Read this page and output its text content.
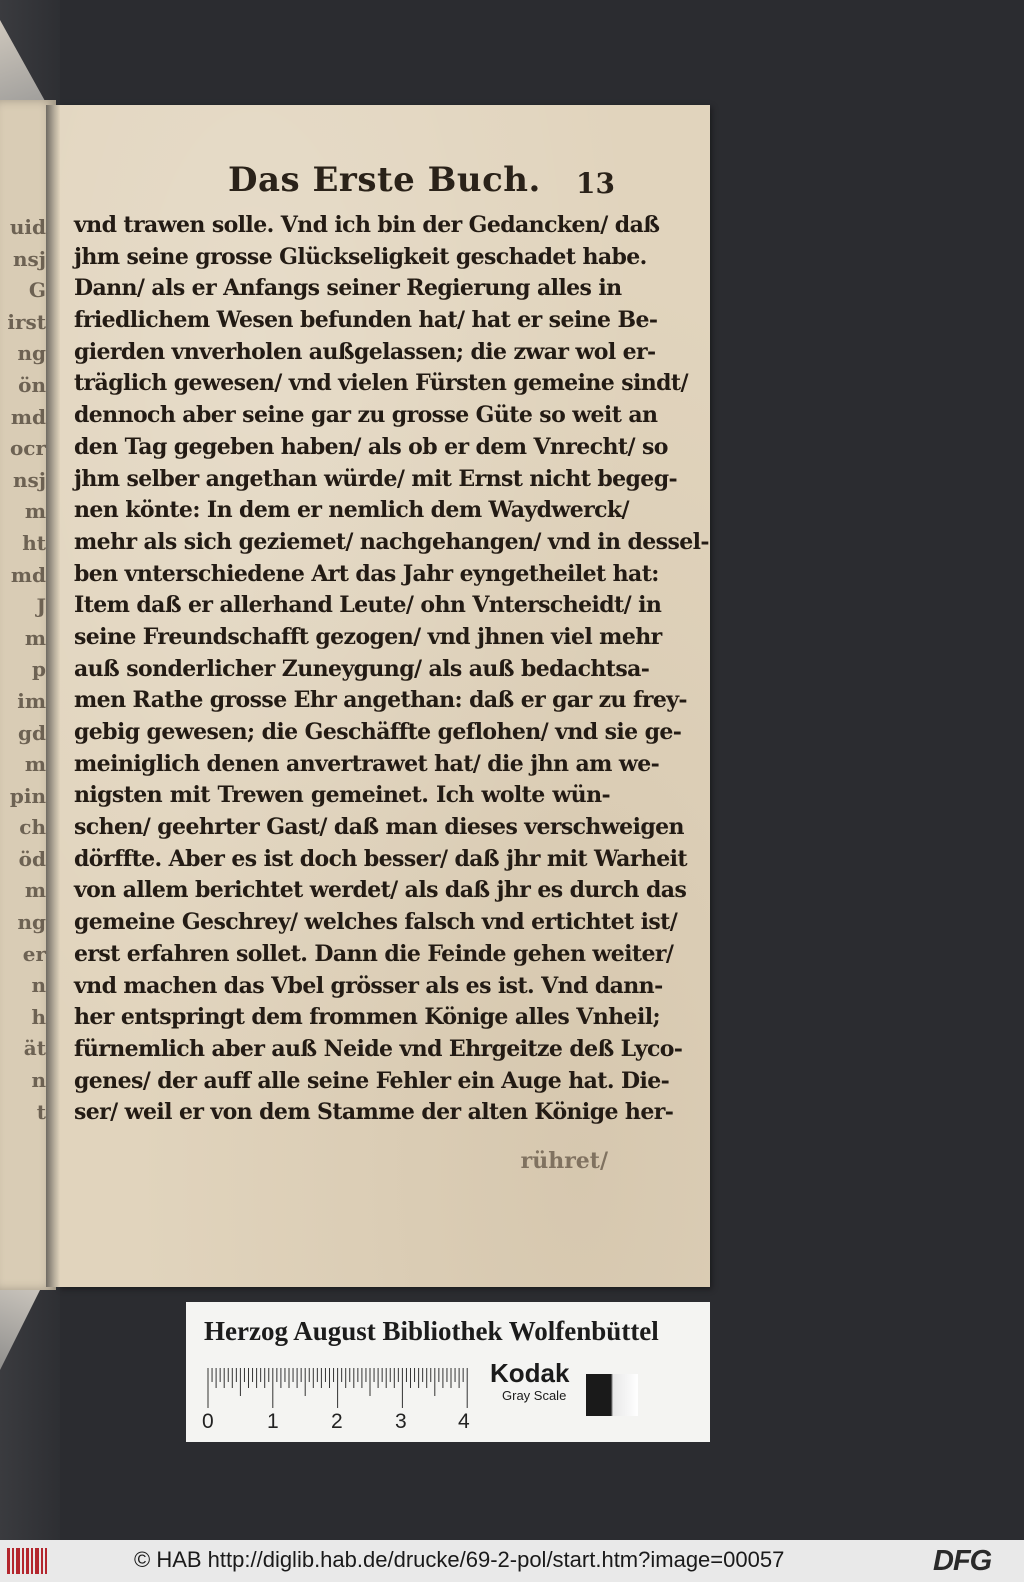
uid
nsj
G
irst
ng
ön
md
ocr
nsj
m
ht
md
J
m
p
im
gd
m
pin
ch
öd
m
ng
er
n
h
ät
n
t
Das Erste Buch. 13
vnd trawen solle. Vnd ich bin der Gedancken/ daß
jhm seine grosse Glückseligkeit geschadet habe.
Dann/ als er Anfangs seiner Regierung alles in
friedlichem Wesen befunden hat/ hat er seine Be-
gierden vnverholen außgelassen; die zwar wol er-
träglich gewesen/ vnd vielen Fürsten gemeine sindt/
dennoch aber seine gar zu grosse Güte so weit an
den Tag gegeben haben/ als ob er dem Vnrecht/ so
jhm selber angethan würde/ mit Ernst nicht begeg-
nen könte: In dem er nemlich dem Waydwerck/
mehr als sich geziemet/ nachgehangen/ vnd in dessel-
ben vnterschiedene Art das Jahr eyngetheilet hat:
Item daß er allerhand Leute/ ohn Vnterscheidt/ in
seine Freundschafft gezogen/ vnd jhnen viel mehr
auß sonderlicher Zuneygung/ als auß bedachtsa-
men Rathe grosse Ehr angethan: daß er gar zu frey-
gebig gewesen; die Geschäffte geflohen/ vnd sie ge-
meiniglich denen anvertrawet hat/ die jhn am we-
nigsten mit Trewen gemeinet. Ich wolte wün-
schen/ geehrter Gast/ daß man dieses verschweigen
dörffte. Aber es ist doch besser/ daß jhr mit Warheit
von allem berichtet werdet/ als daß jhr es durch das
gemeine Geschrey/ welches falsch vnd ertichtet ist/
erst erfahren sollet. Dann die Feinde gehen weiter/
vnd machen das Vbel grösser als es ist. Vnd dann-
her entspringt dem frommen Könige alles Vnheil;
fürnemlich aber auß Neide vnd Ehrgeitze deß Lyco-
genes/ der auff alle seine Fehler ein Auge hat. Die-
ser/ weil er von dem Stamme der alten Könige her-
rühret/
Herzog August Bibliothek Wolfenbüttel
0	1 2 3 4
Kodak
Gray Scale
© HAB http://diglib.hab.de/drucke/69-2-pol/start.htm?image=00057	DFG
